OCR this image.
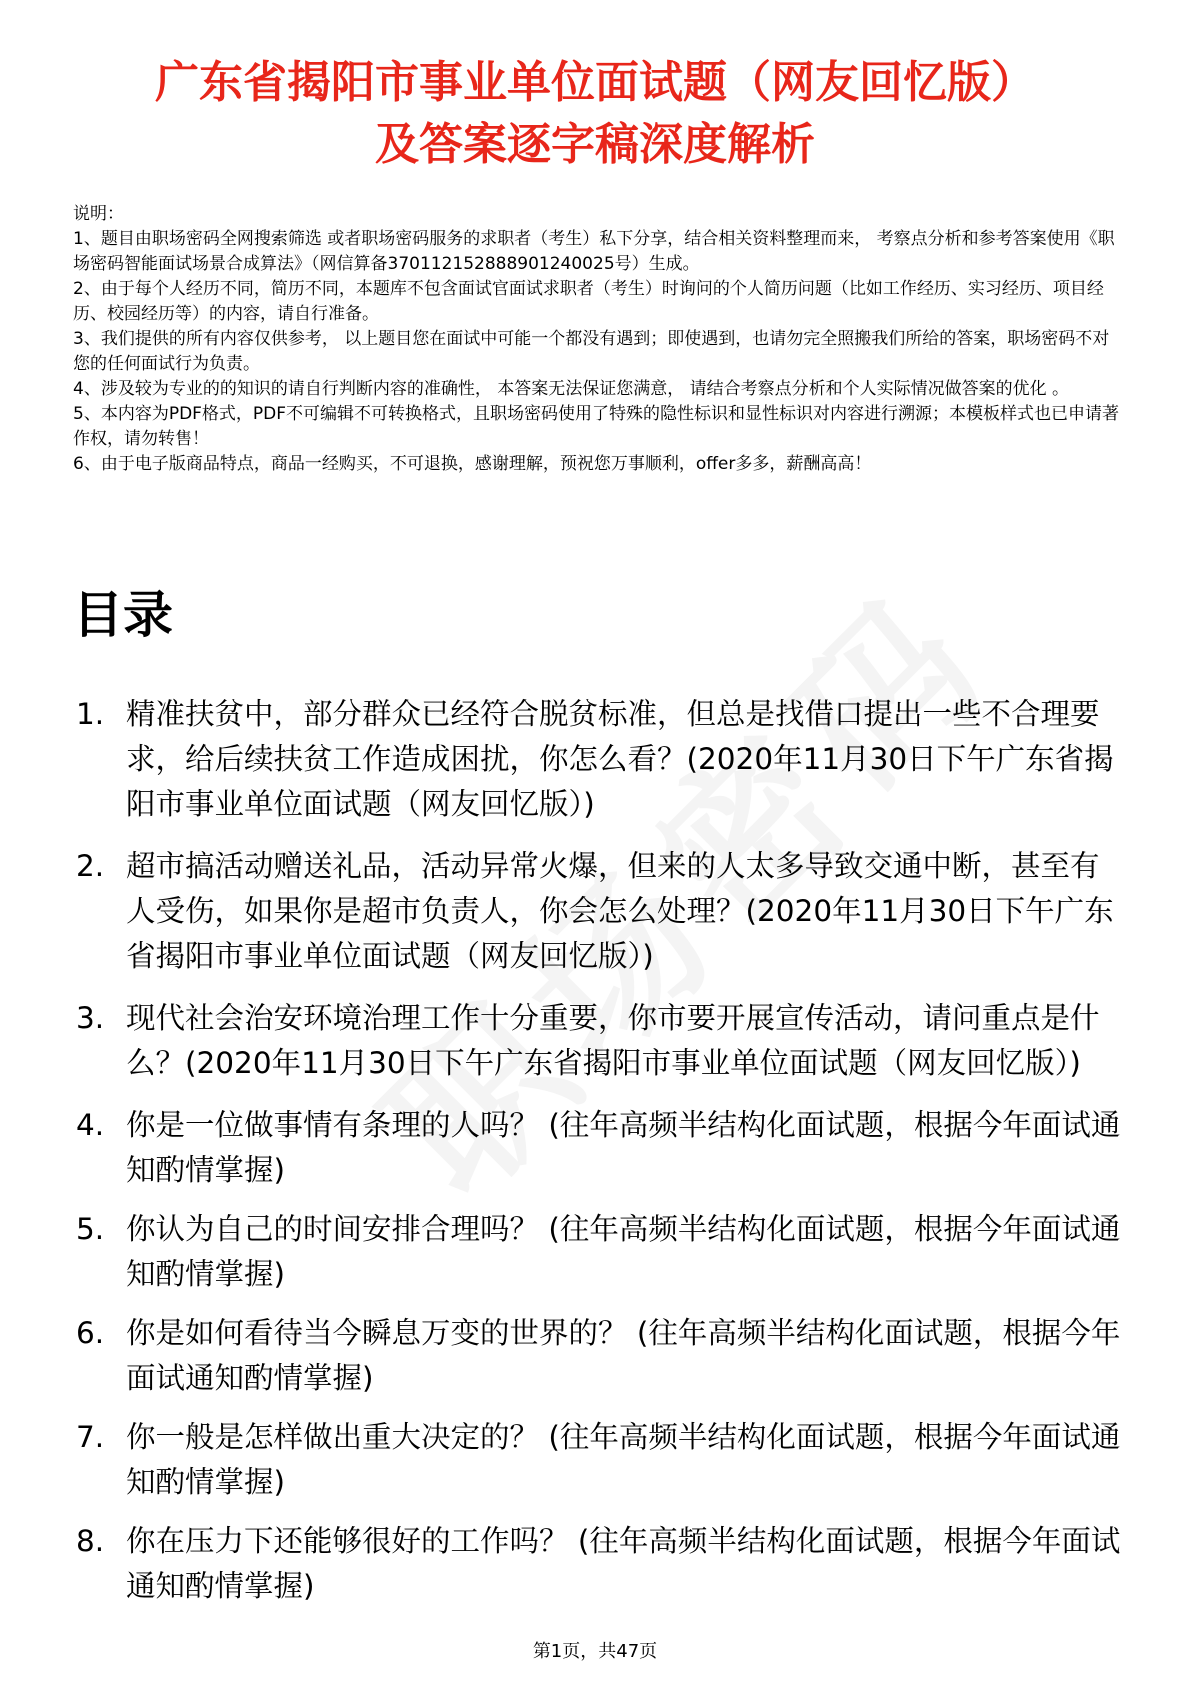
广东省揭阳市事业单位面试题（网友回忆版）
及答案逐字稿深度解析

说明：

1、题目由职场密码全网搜索筛选 或者职场密码服务的求职者（考生）私下分享，结合相关资料整理而来， 考察点分析和参考答案使用《职场密码智能面试场景合成算法》（网信算备370112152888901240025号）生成。

2、由于每个人经历不同，简历不同，本题库不包含面试官面试求职者（考生）时询问的个人简历问题（比如工作经历、实习经历、项目经历、校园经历等）的内容，请自行准备。

3、我们提供的所有内容仅供参考， 以上题目您在面试中可能一个都没有遇到；即使遇到，也请勿完全照搬我们所给的答案，职场密码不对您的任何面试行为负责。

4、涉及较为专业的的知识的请自行判断内容的准确性， 本答案无法保证您满意， 请结合考察点分析和个人实际情况做答案的优化 。

5、本内容为PDF格式，PDF不可编辑不可转换格式，且职场密码使用了特殊的隐性标识和显性标识对内容进行溯源；本模板样式也已申请著作权，请勿转售！

6、由于电子版商品特点，商品一经购买，不可退换，感谢理解，预祝您万事顺利，offer多多，薪酬高高！

目录
1. 精准扶贫中，部分群众已经符合脱贫标准，但总是找借口提出一些不合理要求，给后续扶贫工作造成困扰，你怎么看？(2020年11月30日下午广东省揭阳市事业单位面试题（网友回忆版）)
2. 超市搞活动赠送礼品，活动异常火爆，但来的人太多导致交通中断，甚至有人受伤，如果你是超市负责人，你会怎么处理？(2020年11月30日下午广东省揭阳市事业单位面试题（网友回忆版）)
3. 现代社会治安环境治理工作十分重要，你市要开展宣传活动，请问重点是什么？(2020年11月30日下午广东省揭阳市事业单位面试题（网友回忆版）)
4. 你是一位做事情有条理的人吗？ (往年高频半结构化面试题，根据今年面试通知酌情掌握)
5. 你认为自己的时间安排合理吗？ (往年高频半结构化面试题，根据今年面试通知酌情掌握)
6. 你是如何看待当今瞬息万变的世界的？ (往年高频半结构化面试题，根据今年面试通知酌情掌握)
7. 你一般是怎样做出重大决定的？ (往年高频半结构化面试题，根据今年面试通知酌情掌握)
8. 你在压力下还能够很好的工作吗？ (往年高频半结构化面试题，根据今年面试通知酌情掌握)
第1页，共47页
